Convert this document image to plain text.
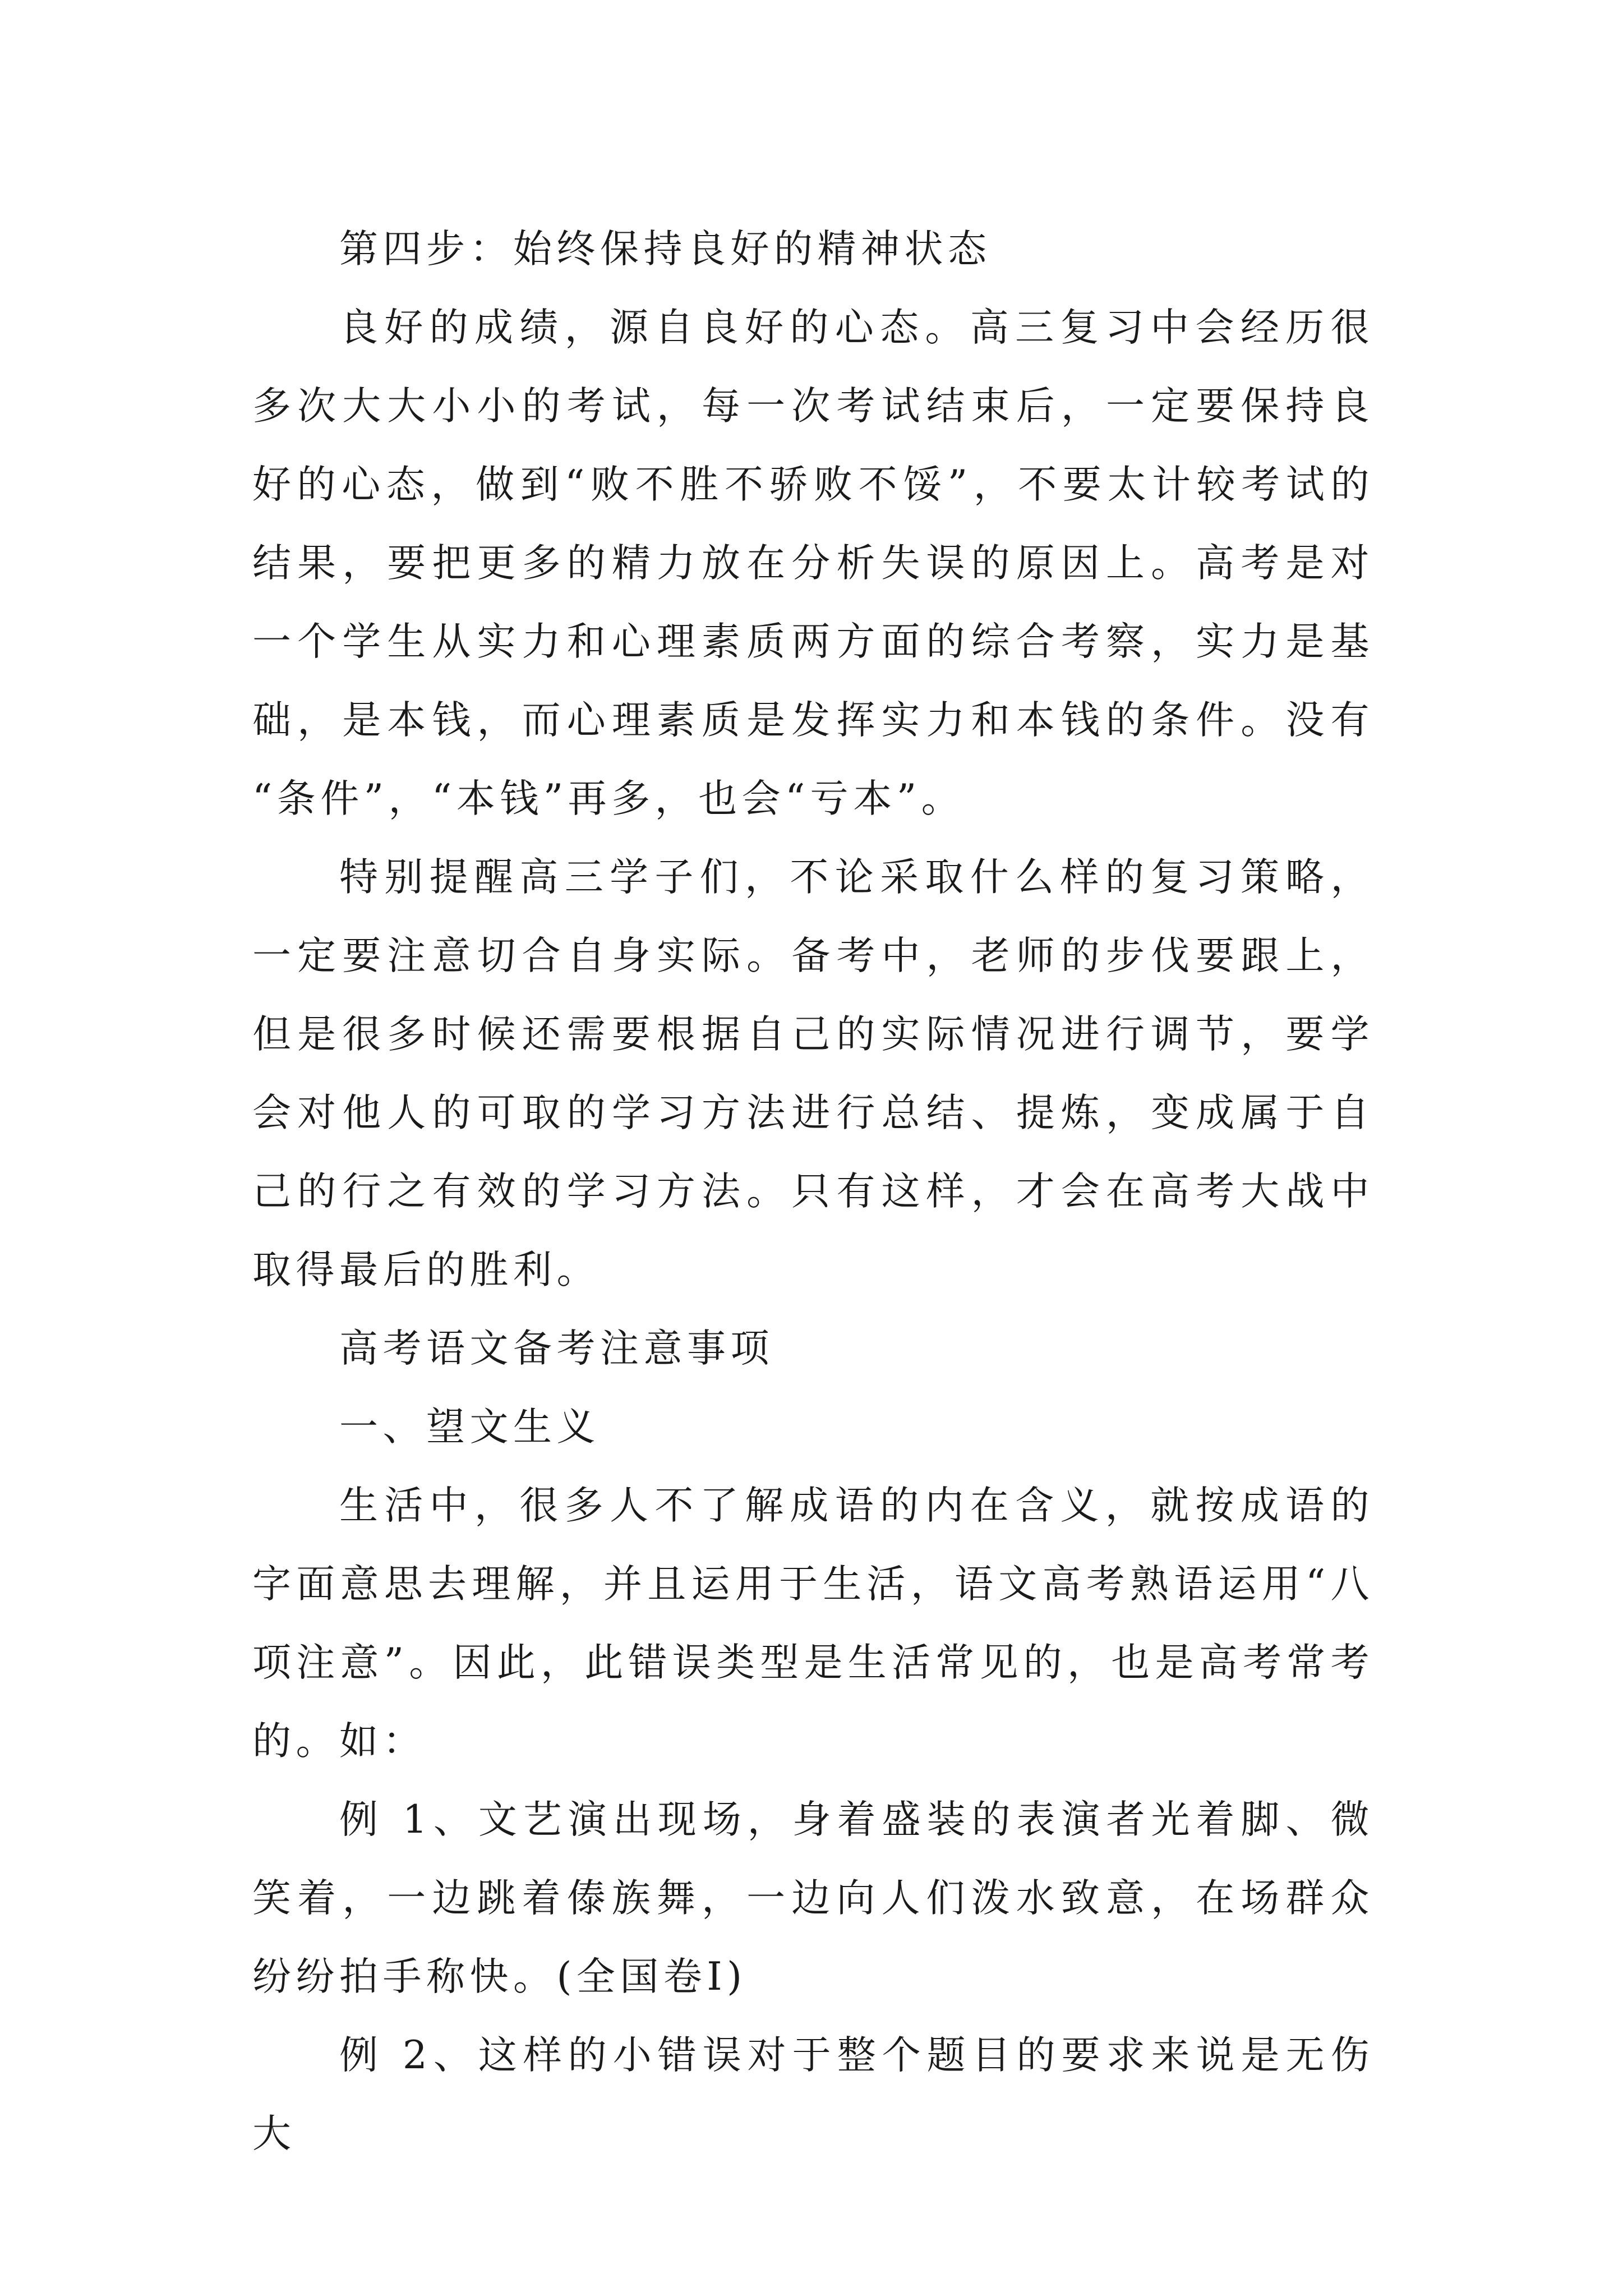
第四步：始终保持良好的精神状态

良好的成绩，源自良好的心态。高三复习中会经历很多次大大小小的考试，每一次考试结束后，一定要保持良好的心态，做到“败不胜不骄败不馁”，不要太计较考试的结果，要把更多的精力放在分析失误的原因上。高考是对一个学生从实力和心理素质两方面的综合考察，实力是基础，是本钱，而心理素质是发挥实力和本钱的条件。没有 “条件”，“本钱”再多，也会“亏本”。

特别提醒高三学子们，不论采取什么样的复习策略，一定要注意切合自身实际。备考中，老师的步伐要跟上，但是很多时候还需要根据自己的实际情况进行调节，要学会对他人的可取的学习方法进行总结、提炼，变成属于自己的行之有效的学习方法。只有这样，才会在高考大战中取得最后的胜利。

高考语文备考注意事项

一、望文生义

生活中，很多人不了解成语的内在含义，就按成语的字面意思去理解，并且运用于生活，语文高考熟语运用“八项注意”。因此，此错误类型是生活常见的，也是高考常考的。如：

例 1、文艺演出现场，身着盛装的表演者光着脚、微笑着，一边跳着傣族舞，一边向人们泼水致意，在场群众纷纷拍手称快。(全国卷Ⅰ)

例 2、这样的小错误对于整个题目的要求来说是无伤大
